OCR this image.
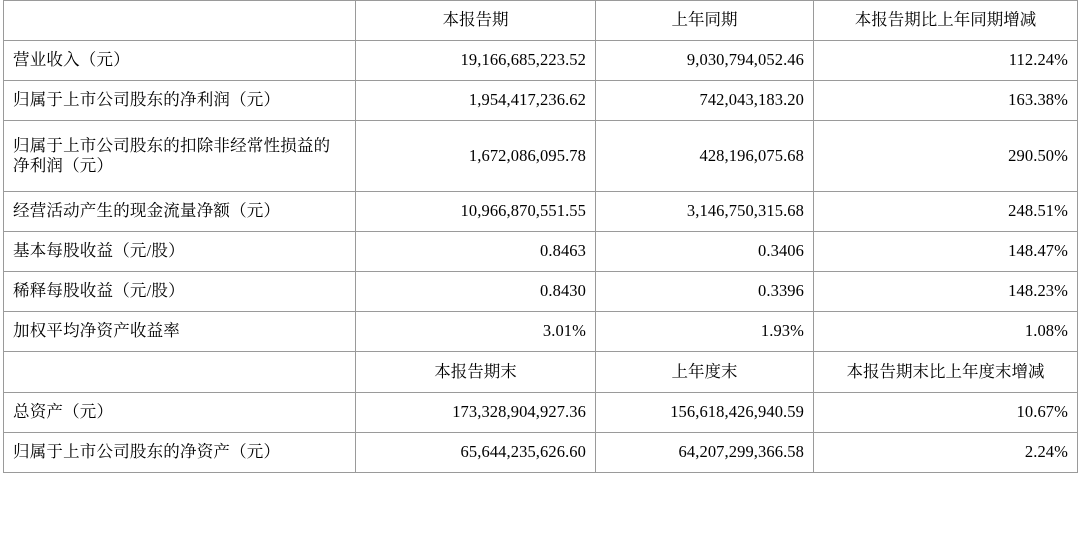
	本报告期	上年同期	本报告期比上年同期增减
营业收入（元）	19,166,685,223.52	9,030,794,052.46	112.24%
归属于上市公司股东的净利润（元）	1,954,417,236.62	742,043,183.20	163.38%
归属于上市公司股东的扣除非经常性损益的净利润（元）	1,672,086,095.78	428,196,075.68	290.50%
经营活动产生的现金流量净额（元）	10,966,870,551.55	3,146,750,315.68	248.51%
基本每股收益（元/股）	0.8463	0.3406	148.47%
稀释每股收益（元/股）	0.8430	0.3396	148.23%
加权平均净资产收益率	3.01%	1.93%	1.08%
	本报告期末	上年度末	本报告期末比上年度末增减
总资产（元）	173,328,904,927.36	156,618,426,940.59	10.67%
归属于上市公司股东的净资产（元）	65,644,235,626.60	64,207,299,366.58	2.24%
